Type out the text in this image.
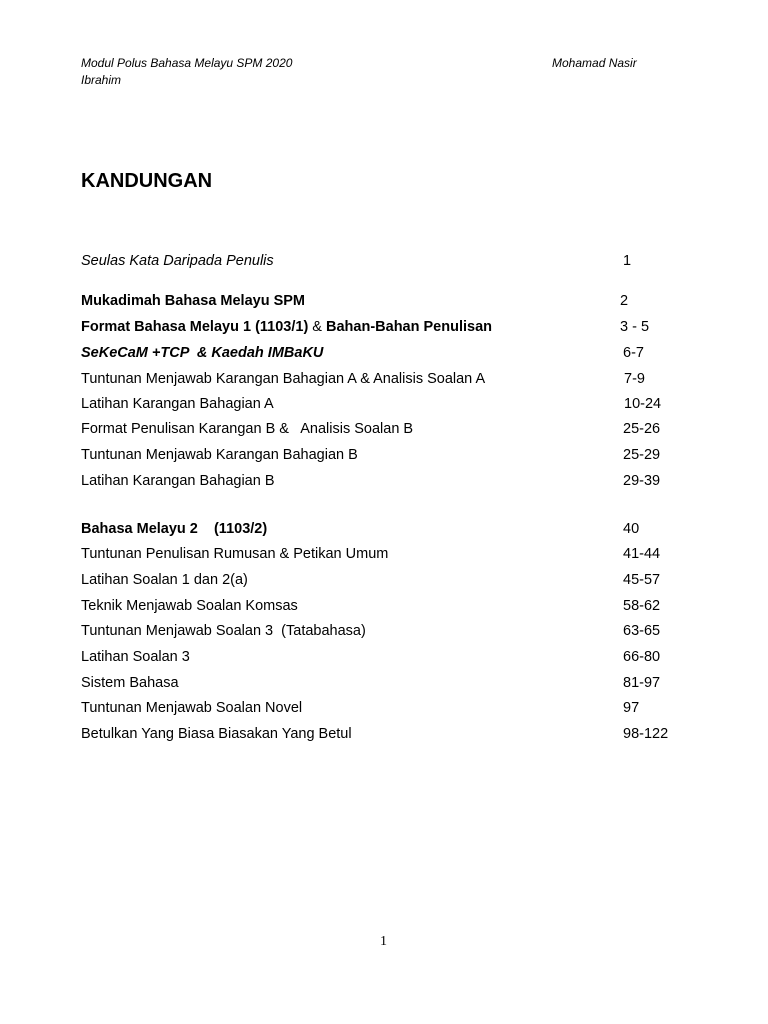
Modul Polus Bahasa Melayu SPM 2020
Ibrahim
Mohamad Nasir
KANDUNGAN
Seulas Kata Daripada Penulis	1
Mukadimah Bahasa Melayu SPM	2
Format Bahasa Melayu 1 (1103/1) & Bahan-Bahan Penulisan	3 - 5
SeKeCaM +TCP  & Kaedah IMBaKU	6-7
Tuntunan Menjawab Karangan Bahagian A & Analisis Soalan A	7-9
Latihan Karangan Bahagian A	10-24
Format Penulisan Karangan B &   Analisis Soalan B	25-26
Tuntunan Menjawab Karangan Bahagian B	25-29
Latihan Karangan Bahagian B	29-39
Bahasa Melayu 2    (1103/2)	40
Tuntunan Penulisan Rumusan & Petikan Umum	41-44
Latihan Soalan 1 dan 2(a)	45-57
Teknik Menjawab Soalan Komsas	58-62
Tuntunan Menjawab Soalan 3  (Tatabahasa)	63-65
Latihan Soalan 3	66-80
Sistem Bahasa	81-97
Tuntunan Menjawab Soalan Novel	97
Betulkan Yang Biasa Biasakan Yang Betul	98-122
1
